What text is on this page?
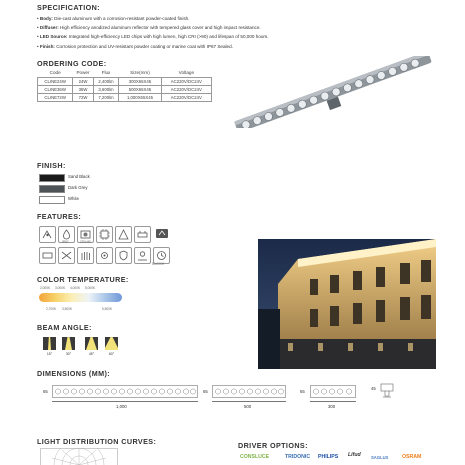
SPECIFICATION:
• Body: Die-cast aluminum with a corrosion-resistant powder-coated finish.
• Diffuser: High efficiency anodized aluminum reflector with tempered glass cover and high impact resistance.
• LED Source: Integrated high-efficiency LED chips with high lumen, high CRI (>90) and lifespan of 50,000 hours.
• Finish: Corrosion protection and UV-resistant powder coating or marine coat with IP67 Sealed.
ORDERING CODE:
Code	Power	Flux	Size(mm)	Voltage
CLINE24W	24W	2,400lm	300X65X45	AC220V/DC24V
CLINE36W	36W	3,600lm	500X65X45	AC220V/DC24V
CLINE72W	72W	7,200lm	1,000X65X45	AC220V/DC24V
FINISH:
Sand Black
Dark Grey
White
FEATURES:
IP67	CRI>90
50,000H
COLOR TEMPERATURE:
2,000K 3,000K 4,000K 5,000K
2,700K 3,500K	6,500K
BEAM ANGLE:
15°	30°	45°	60°
DIMENSIONS (MM):
65
1,000
65
500
65
300
45
LIGHT DISTRIBUTION CURVES:	DRIVER OPTIONS:
CONSLUCE	TRIDONIC PHILIPS Lifud SAGLUX	OSRAM
